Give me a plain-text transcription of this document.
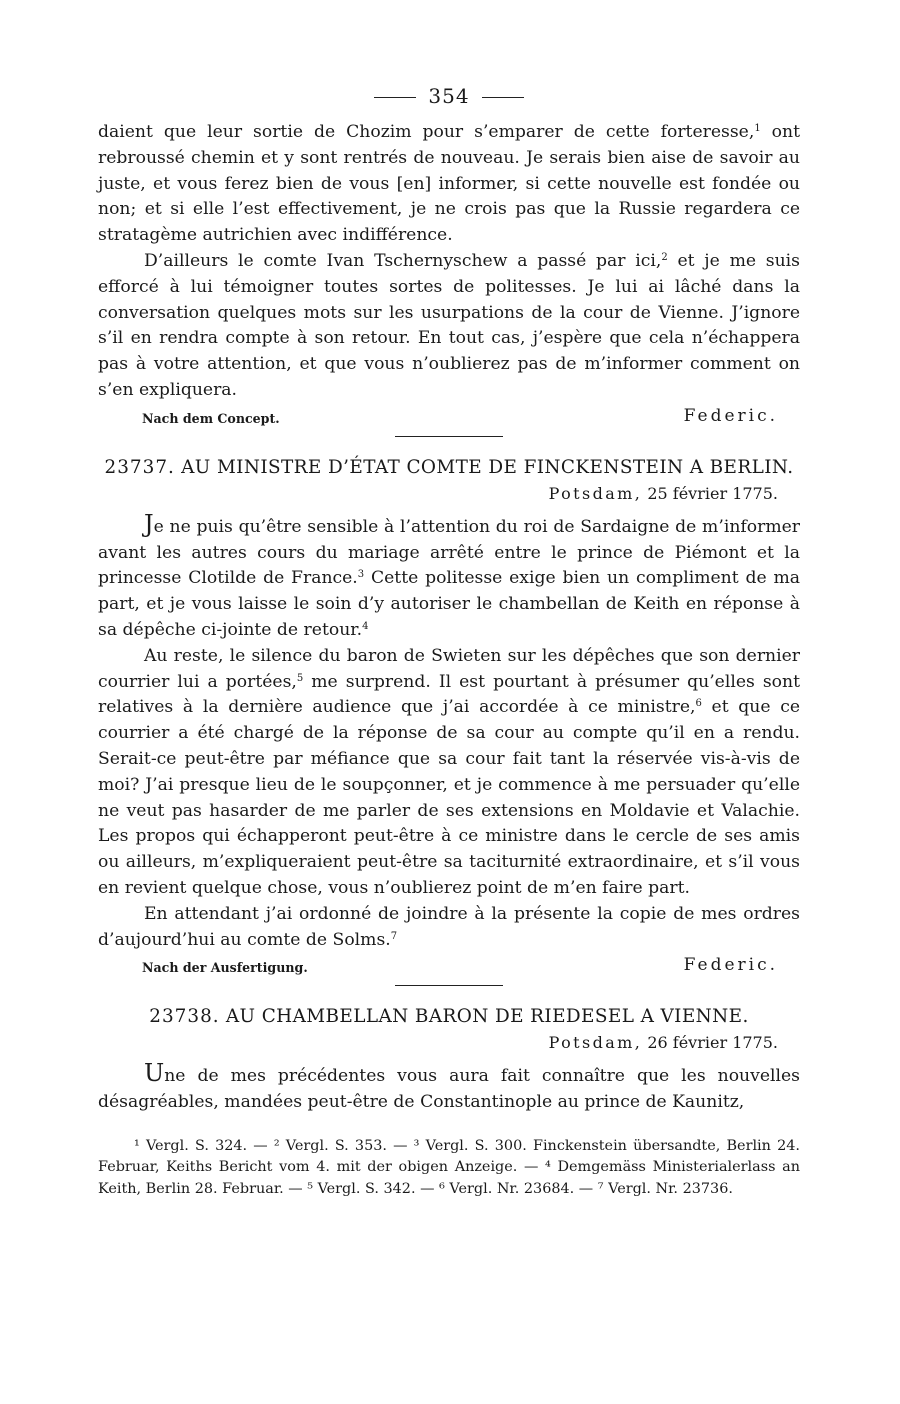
354

daient que leur sortie de Chozim pour s’emparer de cette forteresse,$^1$ ont rebroussé chemin et y sont rentrés de nouveau. Je serais bien aise de savoir au juste, et vous ferez bien de vous [en] informer, si cette nouvelle est fondée ou non; et si elle l’est effectivement, je ne crois pas que la Russie regardera ce stratagème autrichien avec indifférence.

D’ailleurs le comte Ivan Tschernyschew a passé par ici,$^2$ et je me suis efforcé à lui témoigner toutes sortes de politesses. Je lui ai lâché dans la conversation quelques mots sur les usurpations de la cour de Vienne. J’ignore s’il en rendra compte à son retour. En tout cas, j’espère que cela n’échappera pas à votre attention, et que vous n’oublierez pas de m’informer comment on s’en expliquera.

Nach dem Concept.	Federic.
23737. AU MINISTRE D’ÉTAT COMTE DE FINCKENSTEIN A BERLIN.
Potsdam, 25 février 1775.

Je ne puis qu’être sensible à l’attention du roi de Sardaigne de m’informer avant les autres cours du mariage arrêté entre le prince de Piémont et la princesse Clotilde de France.$^3$ Cette politesse exige bien un compliment de ma part, et je vous laisse le soin d’y autoriser le chambellan de Keith en réponse à sa dépêche ci-jointe de retour.$^4$

Au reste, le silence du baron de Swieten sur les dépêches que son dernier courrier lui a portées,$^5$ me surprend. Il est pourtant à présumer qu’elles sont relatives à la dernière audience que j’ai accordée à ce ministre,$^6$ et que ce courrier a été chargé de la réponse de sa cour au compte qu’il en a rendu. Serait-ce peut-être par méfiance que sa cour fait tant la réservée vis-à-vis de moi? J’ai presque lieu de le soupçonner, et je commence à me persuader qu’elle ne veut pas hasarder de me parler de ses extensions en Moldavie et Valachie. Les propos qui échapperont peut-être à ce ministre dans le cercle de ses amis ou ailleurs, m’expliqueraient peut-être sa taciturnité extraordinaire, et s’il vous en revient quelque chose, vous n’oublierez point de m’en faire part.

En attendant j’ai ordonné de joindre à la présente la copie de mes ordres d’aujourd’hui au comte de Solms.$^7$

Nach der Ausfertigung.	Federic.
23738. AU CHAMBELLAN BARON DE RIEDESEL A VIENNE.
Potsdam, 26 février 1775.

Une de mes précédentes vous aura fait connaître que les nouvelles désagréables, mandées peut-être de Constantinople au prince de Kaunitz,

¹ Vergl. S. 324. — ² Vergl. S. 353. — ³ Vergl. S. 300. Finckenstein übersandte, Berlin 24. Februar, Keiths Bericht vom 4. mit der obigen Anzeige. — ⁴ Demgemäss Ministerialerlass an Keith, Berlin 28. Februar. — ⁵ Vergl. S. 342. — ⁶ Vergl. Nr. 23684. — ⁷ Vergl. Nr. 23736.
